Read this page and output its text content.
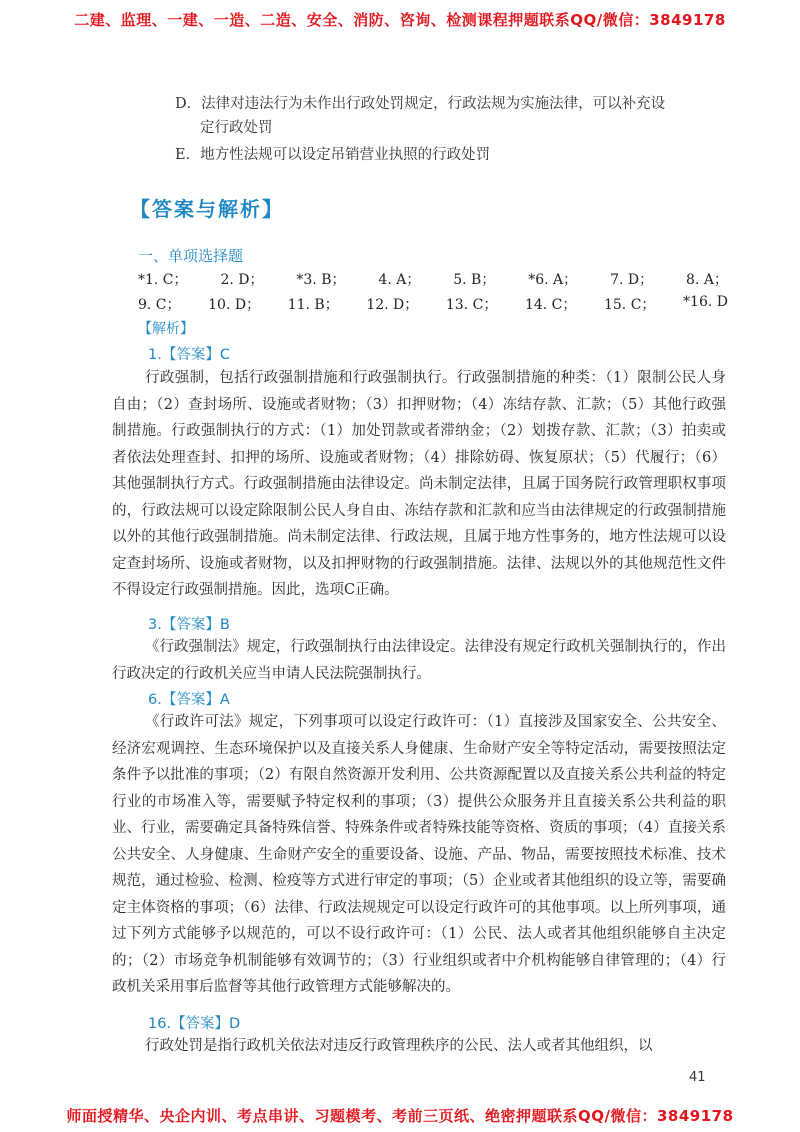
二建、监理、一建、一造、二造、安全、消防、咨询、检测课程押题联系QQ/微信：3849178
D．法律对违法行为未作出行政处罚规定，行政法规为实施法律，可以补充设
定行政处罚
E．地方性法规可以设定吊销营业执照的行政处罚
【答案与解析】
一、单项选择题
*1. C； 2. D； *3. B； 4. A； 5. B； *6. A； 7. D； 8. A；
9. C； 10. D； 11. B； 12. D； 13. C； 14. C； 15. C； *16. D
【解析】
1.【答案】C
行政强制，包括行政强制措施和行政强制执行。行政强制措施的种类：（1）限制公民人身自由；（2）查封场所、设施或者财物；（3）扣押财物；（4）冻结存款、汇款；（5）其他行政强制措施。行政强制执行的方式：（1）加处罚款或者滞纳金；（2）划拨存款、汇款；（3）拍卖或者依法处理查封、扣押的场所、设施或者财物；（4）排除妨碍、恢复原状；（5）代履行；（6）其他强制执行方式。行政强制措施由法律设定。尚未制定法律，且属于国务院行政管理职权事项的，行政法规可以设定除限制公民人身自由、冻结存款和汇款和应当由法律规定的行政强制措施以外的其他行政强制措施。尚未制定法律、行政法规，且属于地方性事务的，地方性法规可以设定查封场所、设施或者财物，以及扣押财物的行政强制措施。法律、法规以外的其他规范性文件不得设定行政强制措施。因此，选项C正确。
3.【答案】B
《行政强制法》规定，行政强制执行由法律设定。法律没有规定行政机关强制执行的，作出行政决定的行政机关应当申请人民法院强制执行。
6.【答案】A
《行政许可法》规定，下列事项可以设定行政许可：（1）直接涉及国家安全、公共安全、经济宏观调控、生态环境保护以及直接关系人身健康、生命财产安全等特定活动，需要按照法定条件予以批准的事项；（2）有限自然资源开发利用、公共资源配置以及直接关系公共利益的特定行业的市场准入等，需要赋予特定权利的事项；（3）提供公众服务并且直接关系公共利益的职业、行业，需要确定具备特殊信誉、特殊条件或者特殊技能等资格、资质的事项；（4）直接关系公共安全、人身健康、生命财产安全的重要设备、设施、产品、物品，需要按照技术标准、技术规范，通过检验、检测、检疫等方式进行审定的事项；（5）企业或者其他组织的设立等，需要确定主体资格的事项；（6）法律、行政法规规定可以设定行政许可的其他事项。以上所列事项，通过下列方式能够予以规范的，可以不设行政许可：（1）公民、法人或者其他组织能够自主决定的；（2）市场竞争机制能够有效调节的；（3）行业组织或者中介机构能够自律管理的；（4）行政机关采用事后监督等其他行政管理方式能够解决的。
16.【答案】D
行政处罚是指行政机关依法对违反行政管理秩序的公民、法人或者其他组织，以
41
师面授精华、央企内训、考点串讲、习题模考、考前三页纸、绝密押题联系QQ/微信：3849178
